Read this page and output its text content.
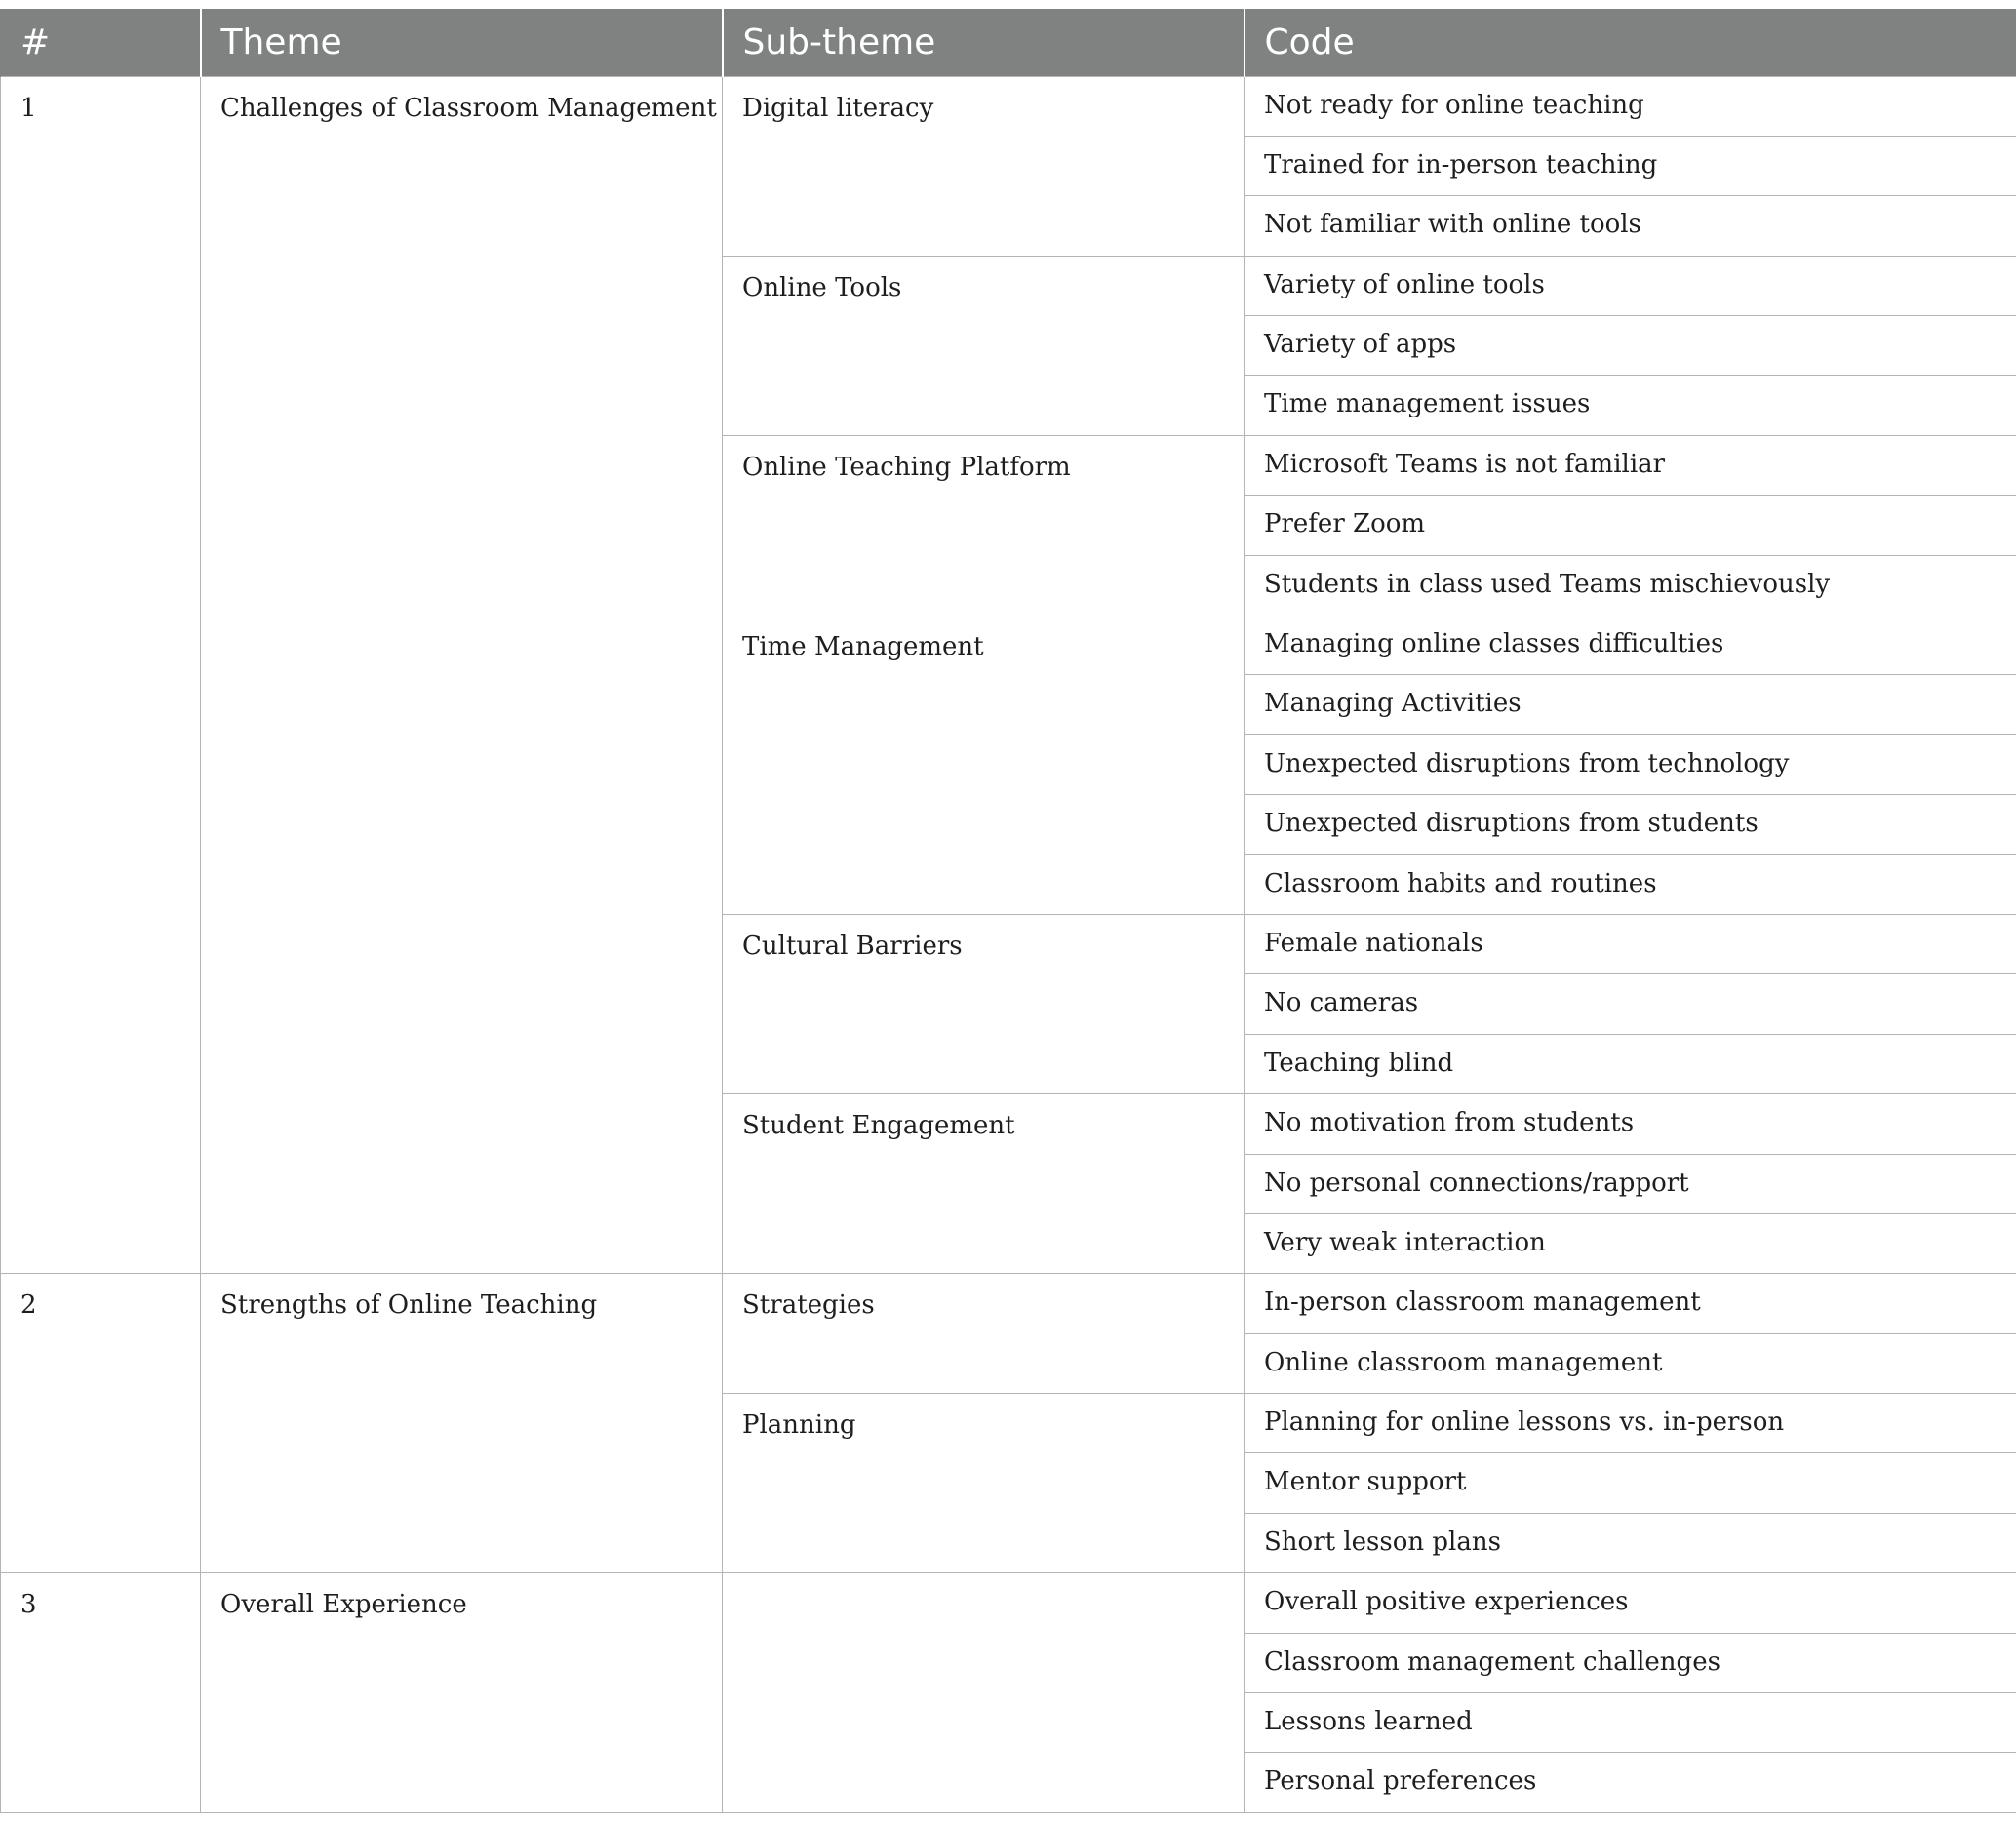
#	Theme	Sub-theme	Code
1	Challenges of Classroom Management	Digital literacy	Not ready for online teaching
			Trained for in-person teaching
			Not familiar with online tools
		Online Tools	Variety of online tools
			Variety of apps
			Time management issues
		Online Teaching Platform	Microsoft Teams is not familiar
			Prefer Zoom
			Students in class used Teams mischievously
		Time Management	Managing online classes difficulties
			Managing Activities
			Unexpected disruptions from technology
			Unexpected disruptions from students
			Classroom habits and routines
		Cultural Barriers	Female nationals
			No cameras
			Teaching blind
		Student Engagement	No motivation from students
			No personal connections/rapport
			Very weak interaction
2	Strengths of Online Teaching	Strategies	In-person classroom management
			Online classroom management
		Planning	Planning for online lessons vs. in-person
			Mentor support
			Short lesson plans
3	Overall Experience		Overall positive experiences
			Classroom management challenges
			Lessons learned
			Personal preferences
